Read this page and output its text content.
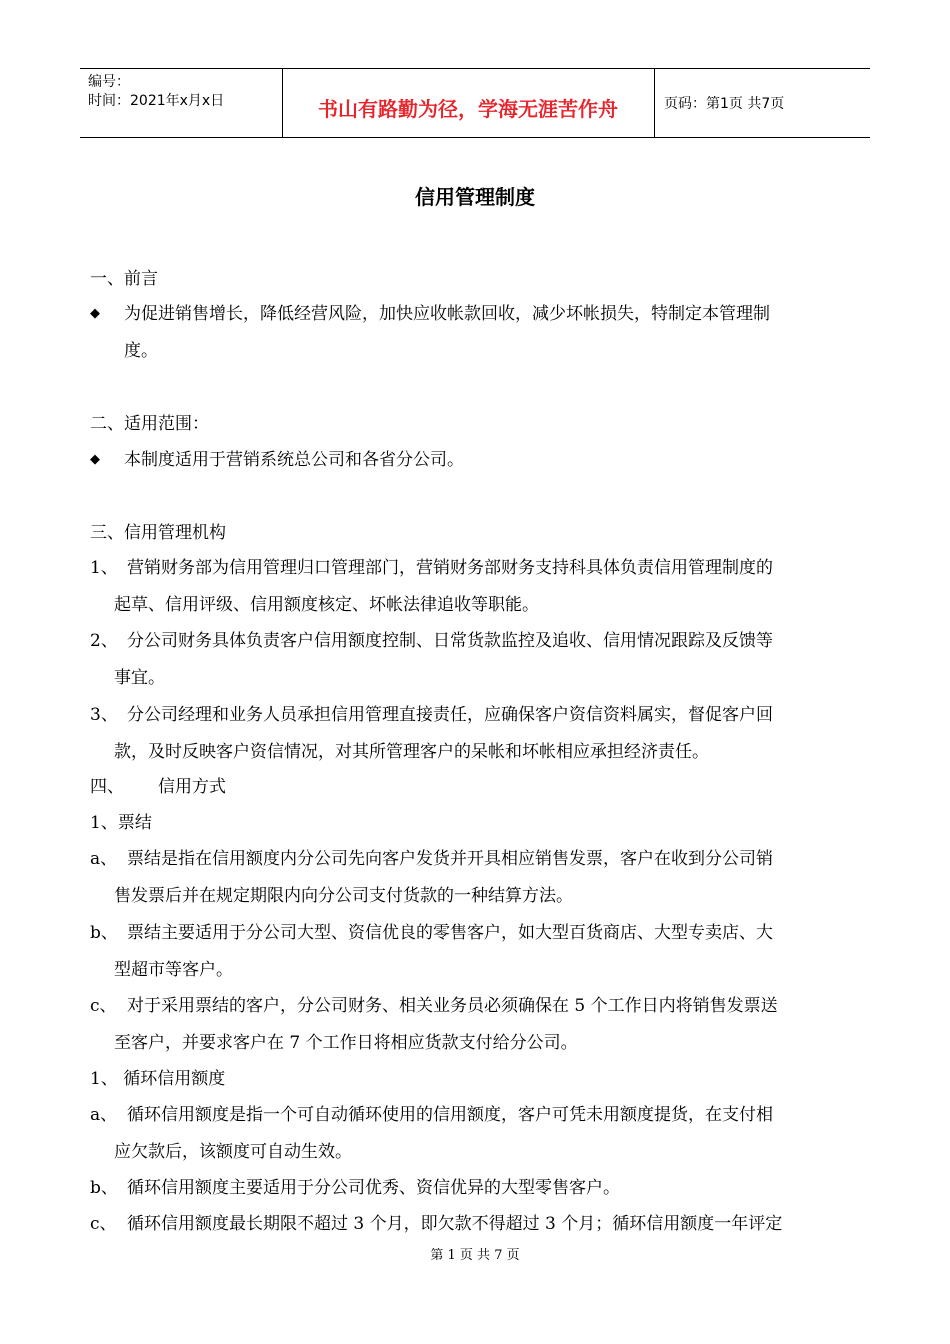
编号：
时间：2021年x月x日	书山有路勤为径，学海无涯苦作舟	页码：第1页 共7页
信用管理制度
一、前言
◆ 为促进销售增长，降低经营风险，加快应收帐款回收，减少坏帐损失，特制定本管理制
度。
二、适用范围：
◆ 本制度适用于营销系统总公司和各省分公司。
三、信用管理机构
1、 营销财务部为信用管理归口管理部门，营销财务部财务支持科具体负责信用管理制度的
起草、信用评级、信用额度核定、坏帐法律追收等职能。
2、 分公司财务具体负责客户信用额度控制、日常货款监控及追收、信用情况跟踪及反馈等
事宜。
3、 分公司经理和业务人员承担信用管理直接责任，应确保客户资信资料属实，督促客户回
款，及时反映客户资信情况，对其所管理客户的呆帐和坏帐相应承担经济责任。
四、 信用方式
1、票结
a、 票结是指在信用额度内分公司先向客户发货并开具相应销售发票，客户在收到分公司销
售发票后并在规定期限内向分公司支付货款的一种结算方法。
b、 票结主要适用于分公司大型、资信优良的零售客户，如大型百货商店、大型专卖店、大
型超市等客户。
c、 对于采用票结的客户，分公司财务、相关业务员必须确保在 5 个工作日内将销售发票送
至客户，并要求客户在 7 个工作日将相应货款支付给分公司。
1、 循环信用额度
a、 循环信用额度是指一个可自动循环使用的信用额度，客户可凭未用额度提货，在支付相
应欠款后，该额度可自动生效。
b、 循环信用额度主要适用于分公司优秀、资信优异的大型零售客户。
c、 循环信用额度最长期限不超过 3 个月，即欠款不得超过 3 个月；循环信用额度一年评定
第 1 页 共 7 页
